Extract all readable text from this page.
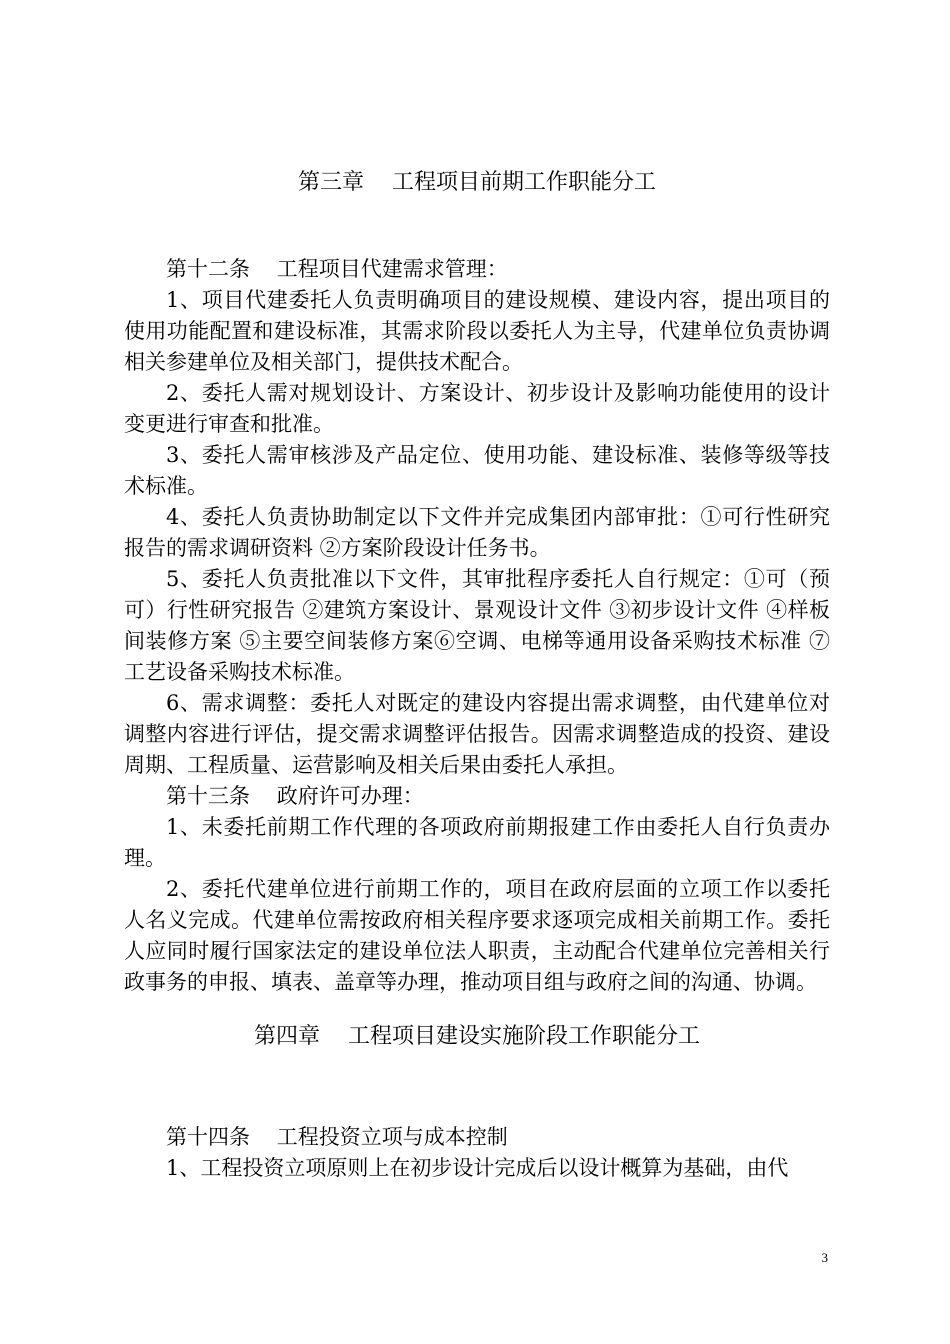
第三章    工程项目前期工作职能分工

第十二条    工程项目代建需求管理：

1、项目代建委托人负责明确项目的建设规模、建设内容，提出项目的使用功能配置和建设标准，其需求阶段以委托人为主导，代建单位负责协调相关参建单位及相关部门，提供技术配合。

2、委托人需对规划设计、方案设计、初步设计及影响功能使用的设计变更进行审查和批准。

3、委托人需审核涉及产品定位、使用功能、建设标准、装修等级等技术标准。

4、委托人负责协助制定以下文件并完成集团内部审批：①可行性研究报告的需求调研资料 ②方案阶段设计任务书。

5、委托人负责批准以下文件，其审批程序委托人自行规定：①可（预可）行性研究报告 ②建筑方案设计、景观设计文件 ③初步设计文件 ④样板间装修方案 ⑤主要空间装修方案⑥空调、电梯等通用设备采购技术标准 ⑦工艺设备采购技术标准。

6、需求调整：委托人对既定的建设内容提出需求调整，由代建单位对调整内容进行评估，提交需求调整评估报告。因需求调整造成的投资、建设周期、工程质量、运营影响及相关后果由委托人承担。

第十三条    政府许可办理：

1、未委托前期工作代理的各项政府前期报建工作由委托人自行负责办理。

2、委托代建单位进行前期工作的，项目在政府层面的立项工作以委托人名义完成。代建单位需按政府相关程序要求逐项完成相关前期工作。委托人应同时履行国家法定的建设单位法人职责，主动配合代建单位完善相关行政事务的申报、填表、盖章等办理，推动项目组与政府之间的沟通、协调。

第四章    工程项目建设实施阶段工作职能分工

第十四条    工程投资立项与成本控制

1、工程投资立项原则上在初步设计完成后以设计概算为基础，由代

3
